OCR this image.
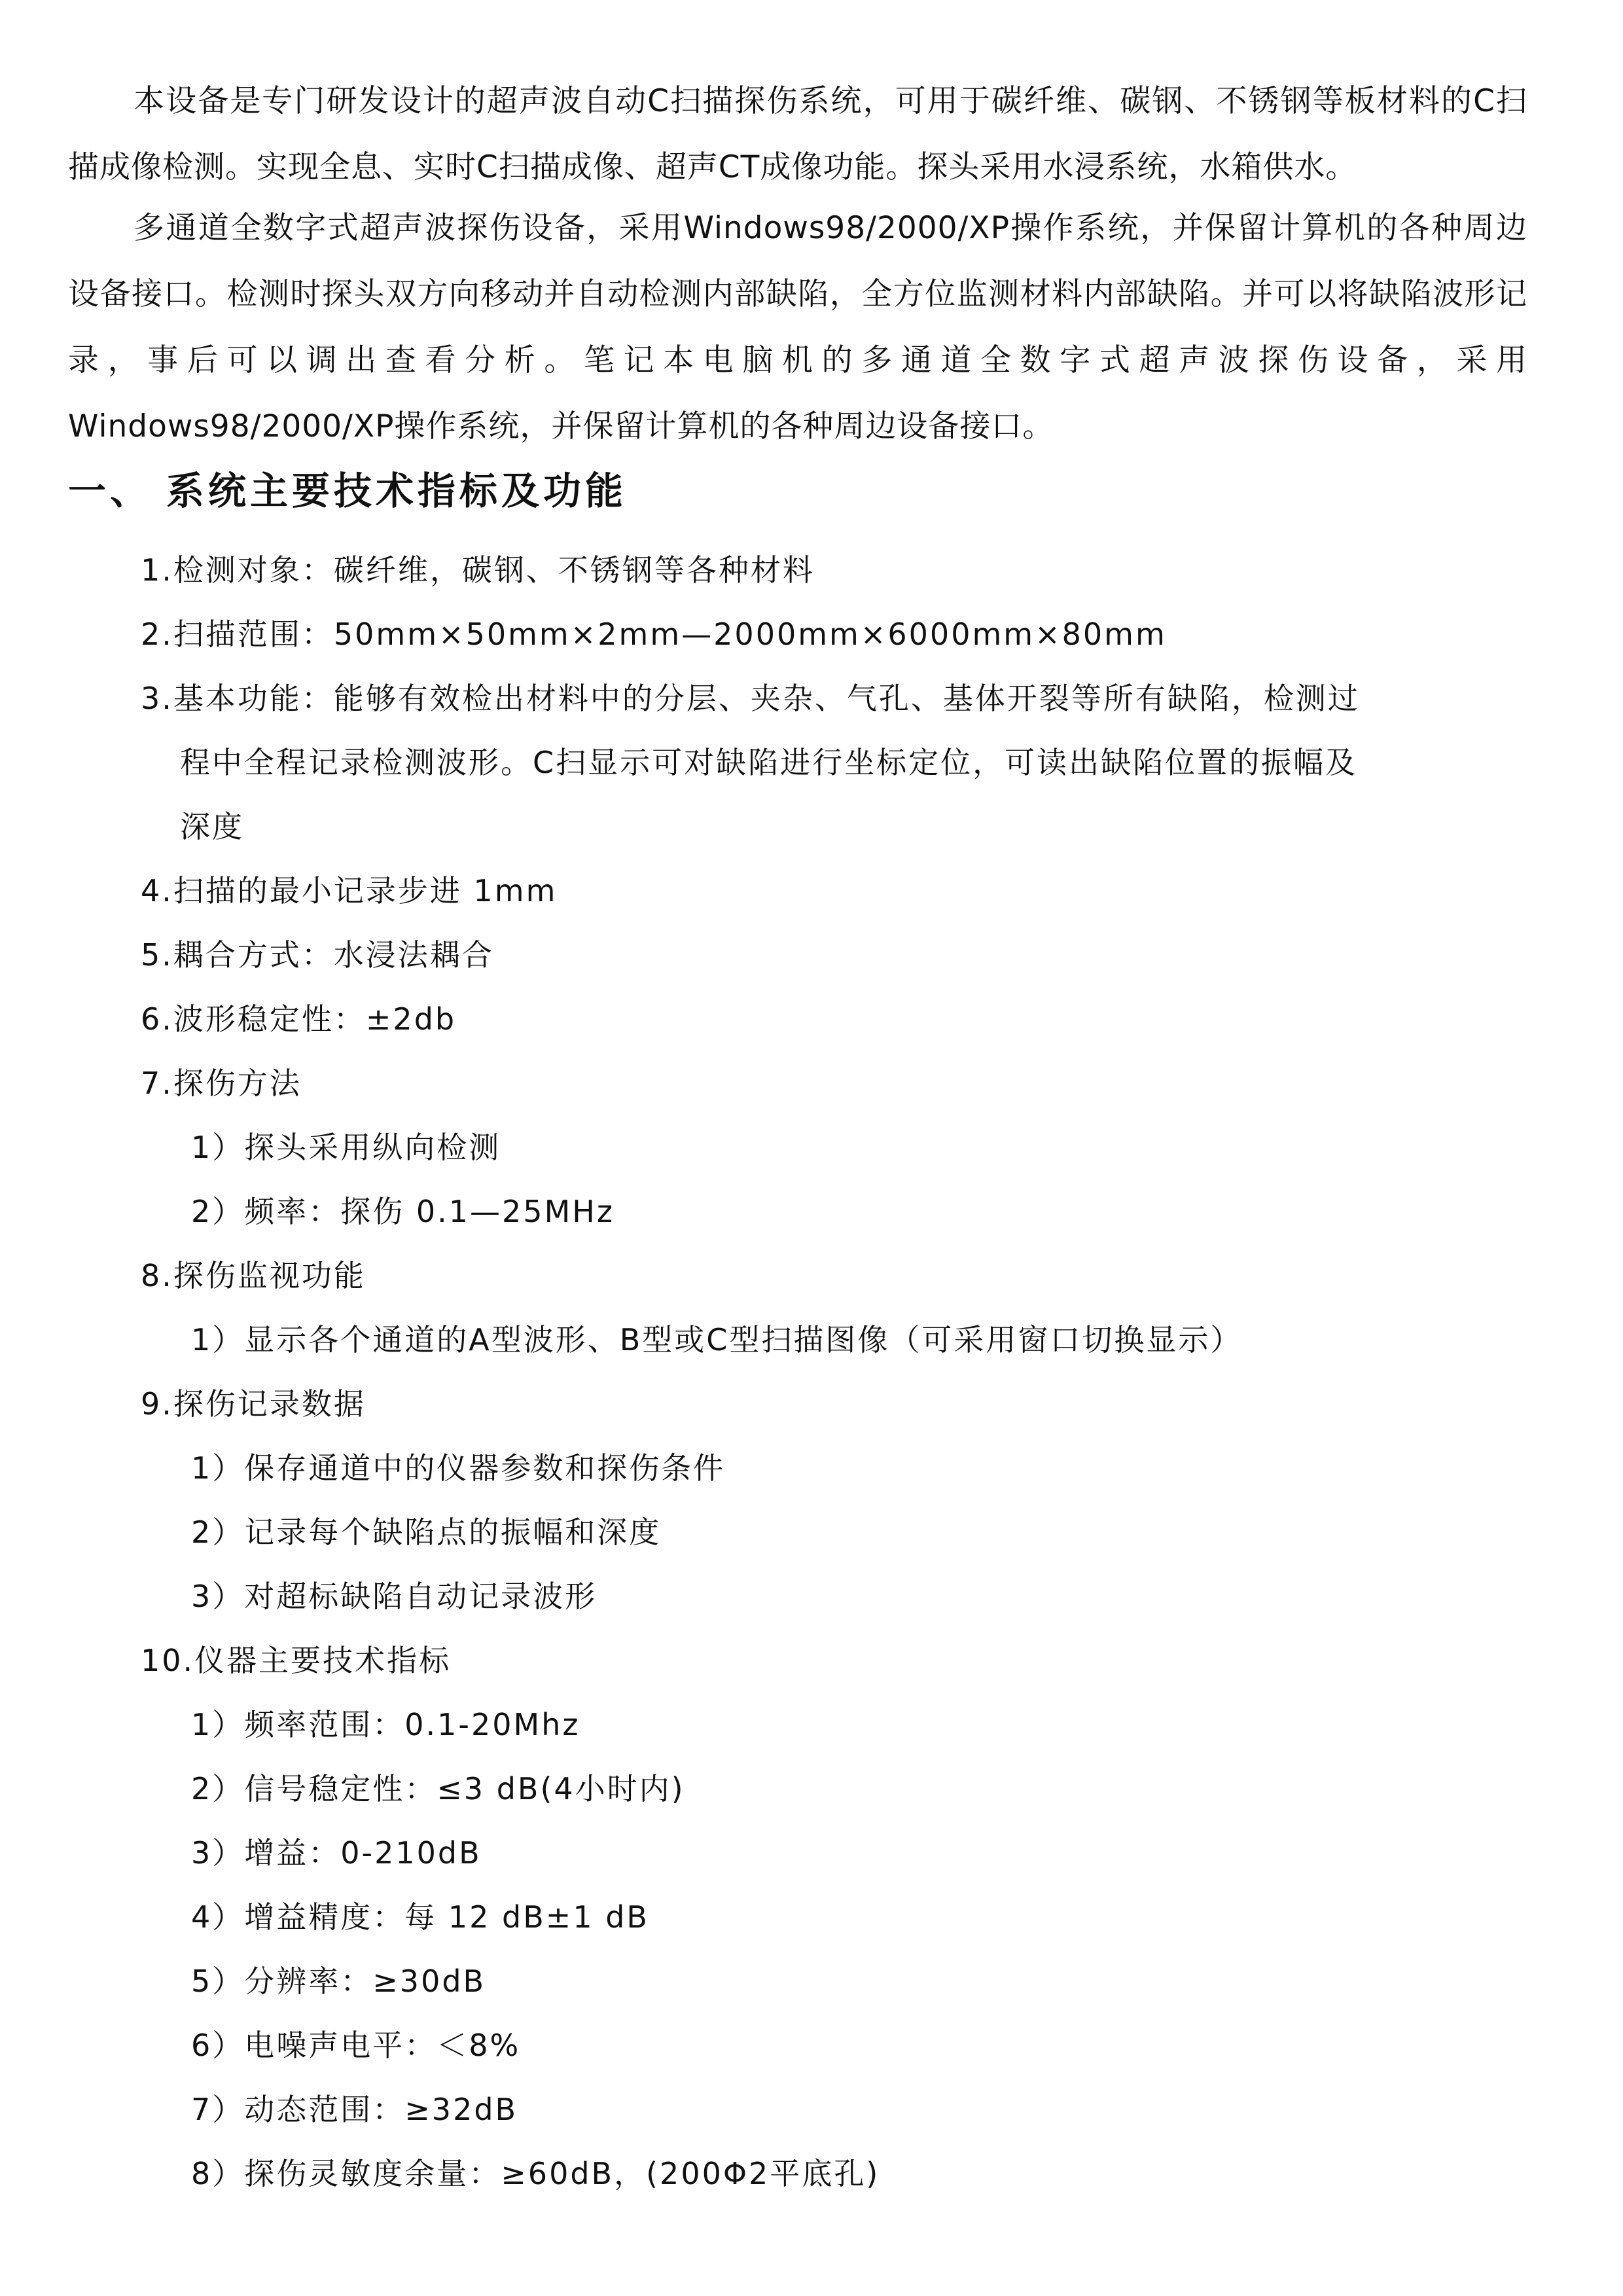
本设备是专门研发设计的超声波自动C扫描探伤系统，可用于碳纤维、碳钢、不锈钢等板材料的C扫描成像检测。实现全息、实时C扫描成像、超声CT成像功能。探头采用水浸系统，水箱供水。

多通道全数字式超声波探伤设备，采用Windows98/2000/XP操作系统，并保留计算机的各种周边设备接口。检测时探头双方向移动并自动检测内部缺陷，全方位监测材料内部缺陷。并可以将缺陷波形记录，事后可以调出查看分析。笔记本电脑机的多通道全数字式超声波探伤设备，采用Windows98/2000/XP操作系统，并保留计算机的各种周边设备接口。

一、 系统主要技术指标及功能

1.检测对象：碳纤维，碳钢、不锈钢等各种材料

2.扫描范围：50mm×50mm×2mm—2000mm×6000mm×80mm

3.基本功能：能够有效检出材料中的分层、夹杂、气孔、基体开裂等所有缺陷，检测过
程中全程记录检测波形。C扫显示可对缺陷进行坐标定位，可读出缺陷位置的振幅及
深度

4.扫描的最小记录步进 1mm

5.耦合方式：水浸法耦合

6.波形稳定性：±2db

7.探伤方法

1）探头采用纵向检测

2）频率：探伤 0.1—25MHz

8.探伤监视功能

1）显示各个通道的A型波形、B型或C型扫描图像（可采用窗口切换显示）

9.探伤记录数据

1）保存通道中的仪器参数和探伤条件

2）记录每个缺陷点的振幅和深度

3）对超标缺陷自动记录波形

10.仪器主要技术指标

1）频率范围：0.1-20Mhz

2）信号稳定性：≤3 dB(4小时内)

3）增益：0-210dB

4）增益精度：每 12 dB±1 dB

5）分辨率：≥30dB

6）电噪声电平：＜8%

7）动态范围：≥32dB

8）探伤灵敏度余量：≥60dB，(200Φ2平底孔)
